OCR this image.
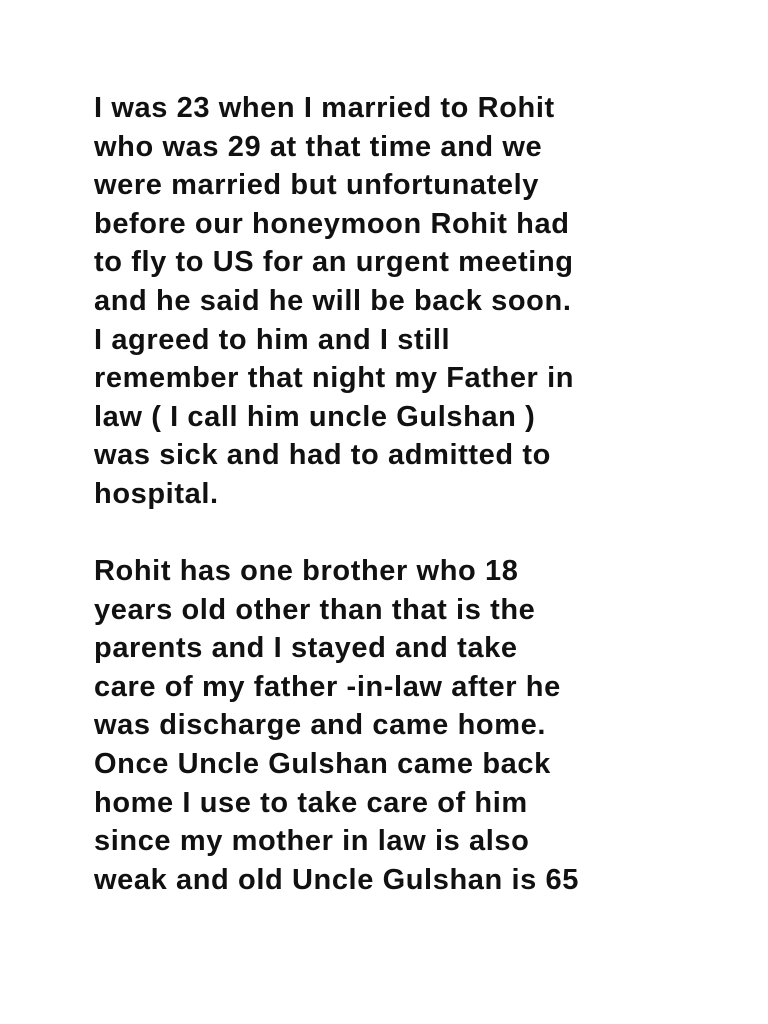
I was 23 when I married to Rohit
who was 29 at that time and we
were married but unfortunately
before our honeymoon Rohit had
to fly to US for an urgent meeting
and he said he will be back soon.
I agreed to him and I still
remember that night my Father in
law ( I call him uncle Gulshan )
was sick and had to admitted to
hospital.
Rohit has one brother who 18
years old other than that is the
parents and I stayed and take
care of my father -in-law after he
was discharge and came home.
Once Uncle Gulshan came back
home I use to take care of him
since my mother in law is also
weak and old Uncle Gulshan is 65
